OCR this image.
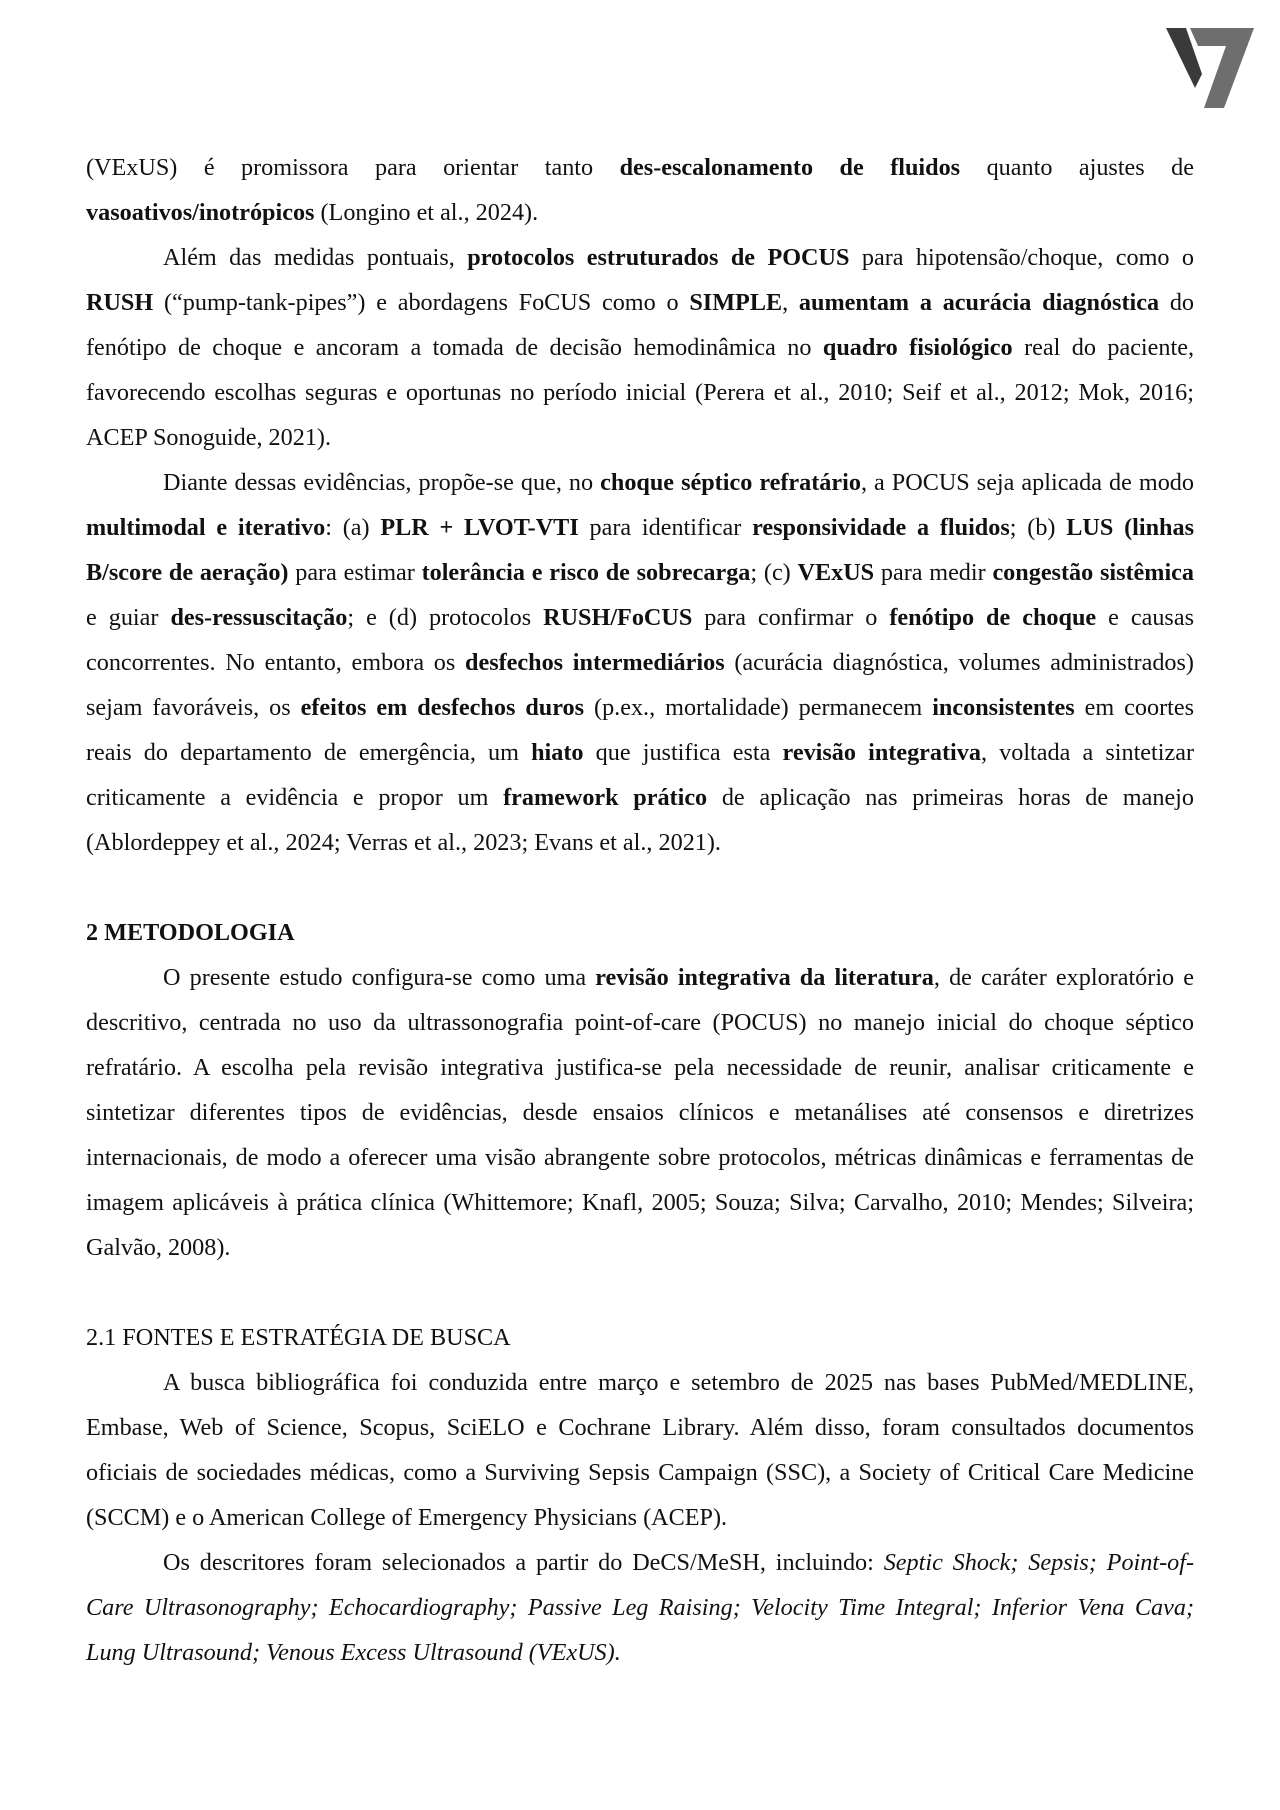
(VExUS) é promissora para orientar tanto des-escalonamento de fluidos quanto ajustes de vasoativos/inotrópicos (Longino et al., 2024).

Além das medidas pontuais, protocolos estruturados de POCUS para hipotensão/choque, como o RUSH (“pump-tank-pipes”) e abordagens FoCUS como o SIMPLE, aumentam a acurácia diagnóstica do fenótipo de choque e ancoram a tomada de decisão hemodinâmica no quadro fisiológico real do paciente, favorecendo escolhas seguras e oportunas no período inicial (Perera et al., 2010; Seif et al., 2012; Mok, 2016; ACEP Sonoguide, 2021).

Diante dessas evidências, propõe-se que, no choque séptico refratário, a POCUS seja aplicada de modo multimodal e iterativo: (a) PLR + LVOT-VTI para identificar responsividade a fluidos; (b) LUS (linhas B/score de aeração) para estimar tolerância e risco de sobrecarga; (c) VExUS para medir congestão sistêmica e guiar des-ressuscitação; e (d) protocolos RUSH/FoCUS para confirmar o fenótipo de choque e causas concorrentes. No entanto, embora os desfechos intermediários (acurácia diagnóstica, volumes administrados) sejam favoráveis, os efeitos em desfechos duros (p.ex., mortalidade) permanecem inconsistentes em coortes reais do departamento de emergência, um hiato que justifica esta revisão integrativa, voltada a sintetizar criticamente a evidência e propor um framework prático de aplicação nas primeiras horas de manejo (Ablordeppey et al., 2024; Verras et al., 2023; Evans et al., 2021).

2 METODOLOGIA

O presente estudo configura-se como uma revisão integrativa da literatura, de caráter exploratório e descritivo, centrada no uso da ultrassonografia point-of-care (POCUS) no manejo inicial do choque séptico refratário. A escolha pela revisão integrativa justifica-se pela necessidade de reunir, analisar criticamente e sintetizar diferentes tipos de evidências, desde ensaios clínicos e metanálises até consensos e diretrizes internacionais, de modo a oferecer uma visão abrangente sobre protocolos, métricas dinâmicas e ferramentas de imagem aplicáveis à prática clínica (Whittemore; Knafl, 2005; Souza; Silva; Carvalho, 2010; Mendes; Silveira; Galvão, 2008).

2.1 FONTES E ESTRATÉGIA DE BUSCA

A busca bibliográfica foi conduzida entre março e setembro de 2025 nas bases PubMed/MEDLINE, Embase, Web of Science, Scopus, SciELO e Cochrane Library. Além disso, foram consultados documentos oficiais de sociedades médicas, como a Surviving Sepsis Campaign (SSC), a Society of Critical Care Medicine (SCCM) e o American College of Emergency Physicians (ACEP).

Os descritores foram selecionados a partir do DeCS/MeSH, incluindo: Septic Shock; Sepsis; Point-of-Care Ultrasonography; Echocardiography; Passive Leg Raising; Velocity Time Integral; Inferior Vena Cava; Lung Ultrasound; Venous Excess Ultrasound (VExUS).
